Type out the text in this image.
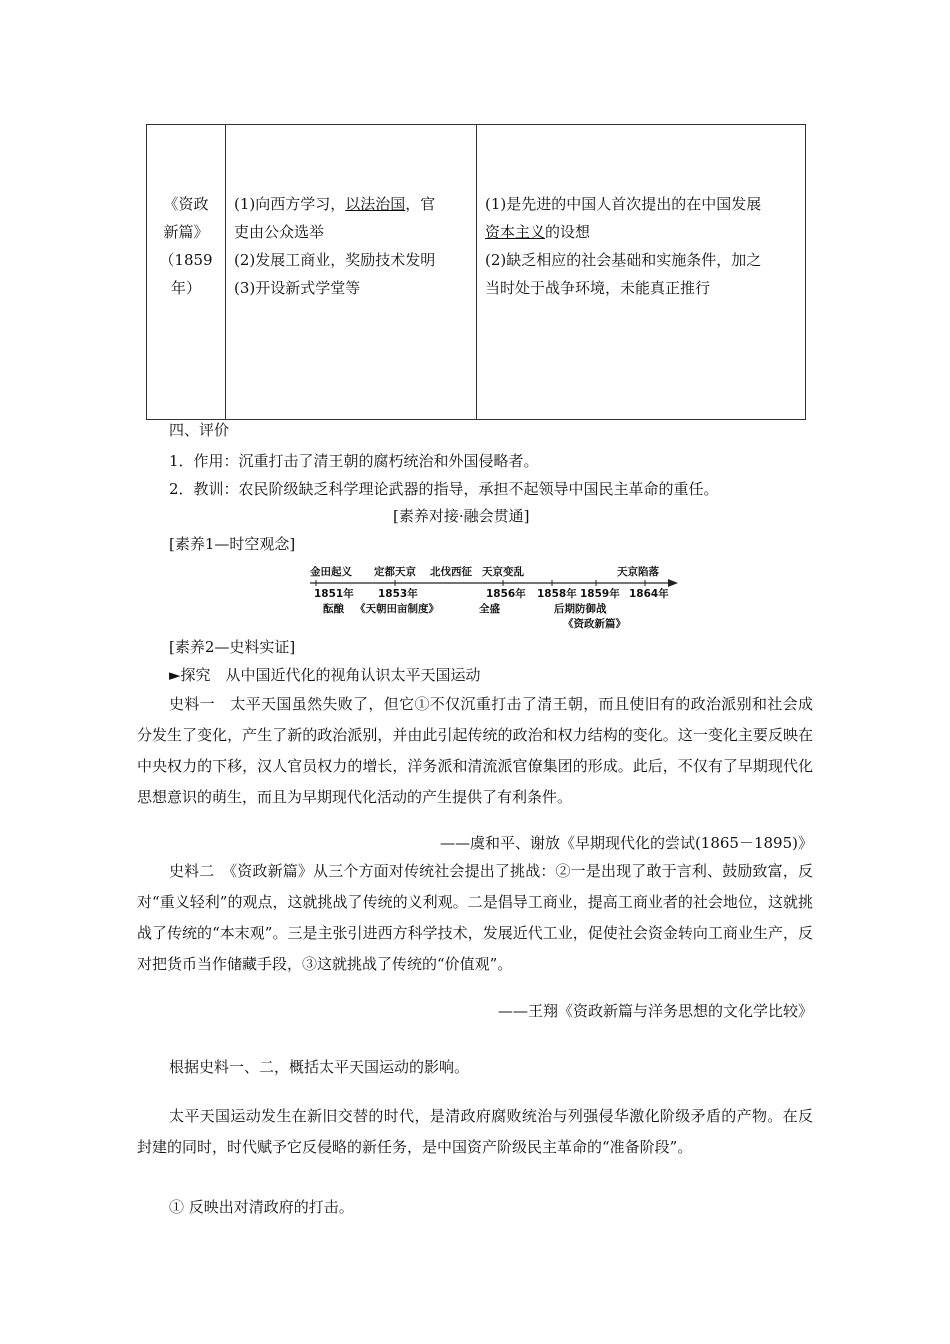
《资政
新篇》
（1859
年）

(1)向西方学习，以法治国，官
吏由公众选举
(2)发展工商业，奖励技术发明
(3)开设新式学堂等

(1)是先进的中国人首次提出的在中国发展
资本主义的设想
(2)缺乏相应的社会基础和实施条件，加之
当时处于战争环境，未能真正推行
四、评价
1．作用：沉重打击了清王朝的腐朽统治和外国侵略者。
2．教训：农民阶级缺乏科学理论武器的指导，承担不起领导中国民主革命的重任。
[素养对接·融会贯通]
[素养1—时空观念]
金田起义 定都天京 北伐西征 天京变乱	天京陷落
1851年 1853年	1856年 1858年 1859年 1864年
酝酿 《天朝田亩制度》	全盛	后期防御战
《资政新篇》
[素养2—史料实证]
►探究　从中国近代化的视角认识太平天国运动
史料一　太平天国虽然失败了，但它①不仅沉重打击了清王朝，而且使旧有的政治派别和社会成分发生了变化，产生了新的政治派别，并由此引起传统的政治和权力结构的变化。这一变化主要反映在中央权力的下移，汉人官员权力的增长，洋务派和清流派官僚集团的形成。此后，不仅有了早期现代化思想意识的萌生，而且为早期现代化活动的产生提供了有利条件。
——虞和平、谢放《早期现代化的尝试(1865－1895)》
史料二　《资政新篇》从三个方面对传统社会提出了挑战：②一是出现了敢于言利、鼓励致富，反对“重义轻利”的观点，这就挑战了传统的义利观。二是倡导工商业，提高工商业者的社会地位，这就挑战了传统的“本末观”。三是主张引进西方科学技术，发展近代工业，促使社会资金转向工商业生产，反对把货币当作储藏手段，③这就挑战了传统的“价值观”。
——王翔《资政新篇与洋务思想的文化学比较》
根据史料一、二，概括太平天国运动的影响。
太平天国运动发生在新旧交替的时代，是清政府腐败统治与列强侵华激化阶级矛盾的产物。在反封建的同时，时代赋予它反侵略的新任务，是中国资产阶级民主革命的“准备阶段”。
① 反映出对清政府的打击。
